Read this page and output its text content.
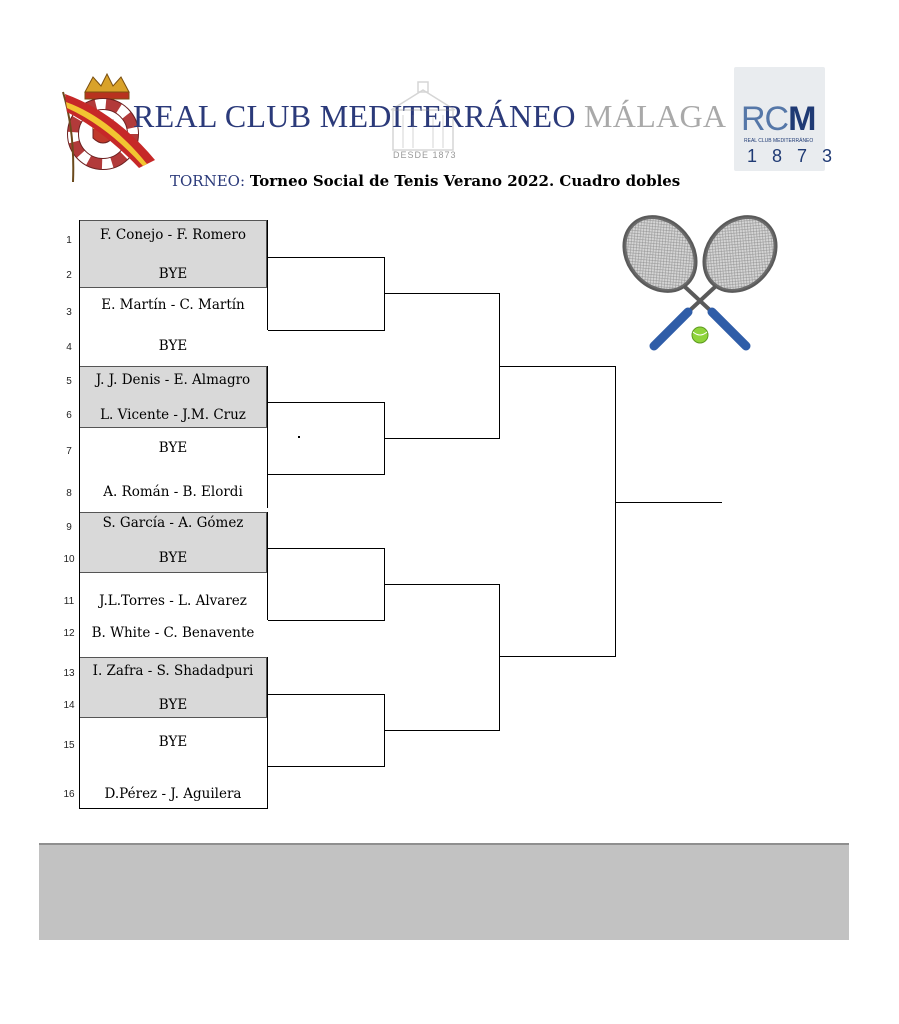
REAL CLUB MEDITERRÁNEO MÁLAGA
DESDE 1873
RCM
REAL CLUB MEDITERRÁNEO
1 8 7 3
TORNEO: Torneo Social de Tenis Verano 2022. Cuadro dobles
1	F. Conejo - F. Romero
2	BYE
3	E. Martín - C. Martín
4	BYE
5	J. J. Denis - E. Almagro
6	L. Vicente - J.M. Cruz
7	BYE
8	A. Román - B. Elordi
9	S. García - A. Gómez
10	BYE
11	J.L.Torres - L. Alvarez
12	B. White - C. Benavente
13	I. Zafra - S. Shadadpuri
14	BYE
15	BYE
16	D.Pérez - J. Aguilera
